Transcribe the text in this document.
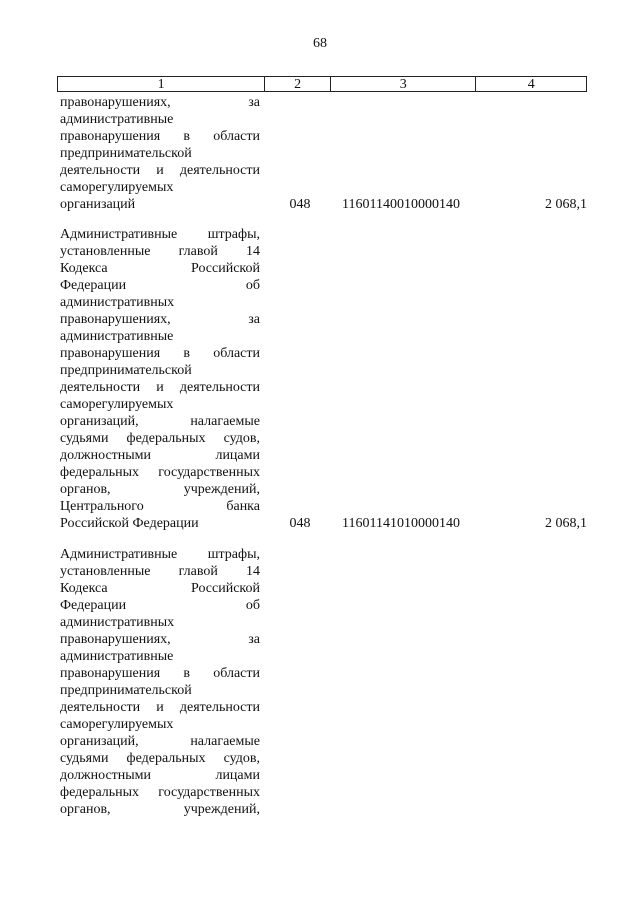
68
1	2	3	4
правонарушениях, за
административные
правонарушения в области
предпринимательской
деятельности и деятельности
саморегулируемых
организаций	048	11601140010000140	2 068,1
Административные штрафы,
установленные главой 14
Кодекса Российской
Федерации об
административных
правонарушениях, за
административные
правонарушения в области
предпринимательской
деятельности и деятельности
саморегулируемых
организаций, налагаемые
судьями федеральных судов,
должностными лицами
федеральных государственных
органов, учреждений,
Центрального банка
Российской Федерации	048	11601141010000140	2 068,1
Административные штрафы,
установленные главой 14
Кодекса Российской
Федерации об
административных
правонарушениях, за
административные
правонарушения в области
предпринимательской
деятельности и деятельности
саморегулируемых
организаций, налагаемые
судьями федеральных судов,
должностными лицами
федеральных государственных
органов, учреждений,
